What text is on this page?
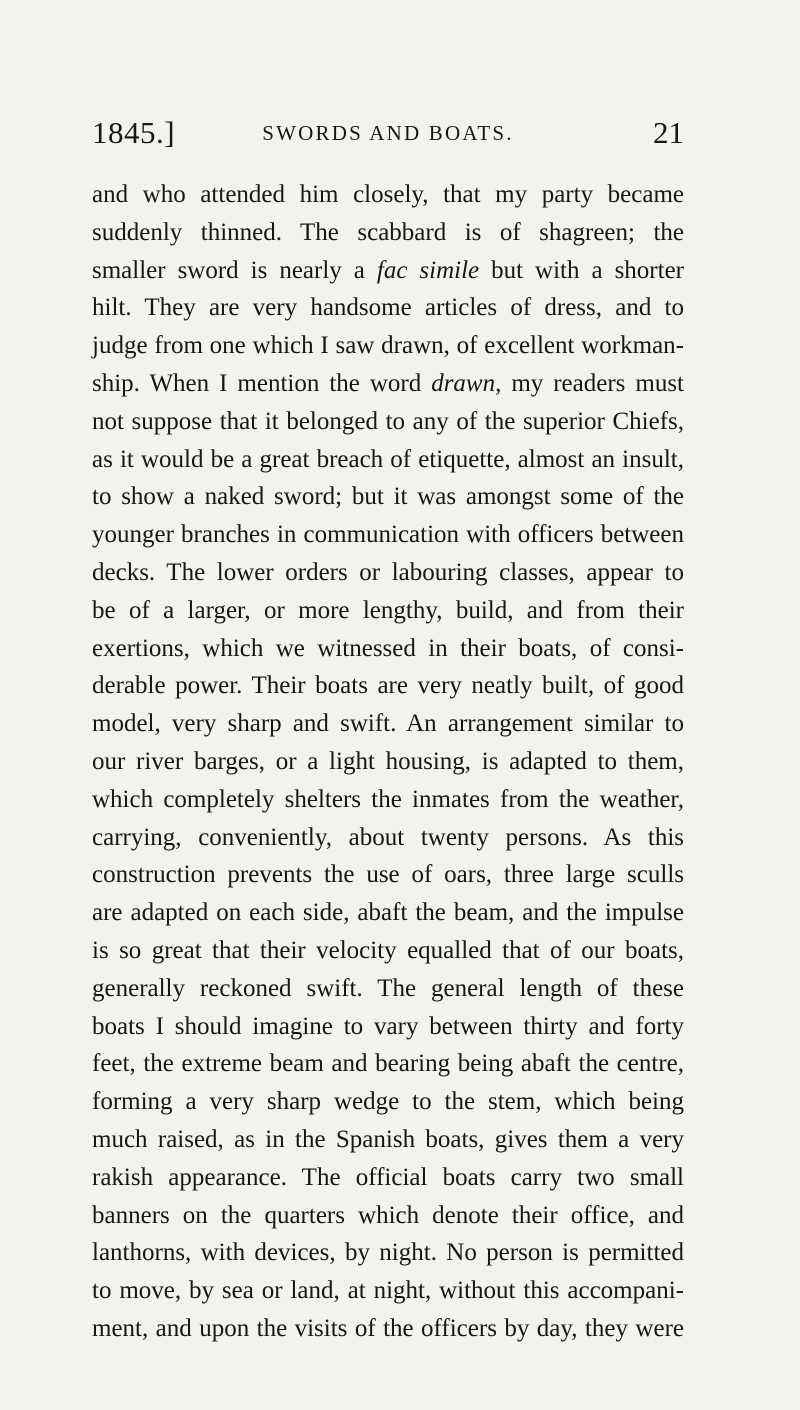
1845.]	SWORDS AND BOATS.	21
and who attended him closely, that my party became
suddenly thinned. The scabbard is of shagreen; the
smaller sword is nearly a fac simile but with a shorter
hilt. They are very handsome articles of dress, and to
judge from one which I saw drawn, of excellent workman-
ship. When I mention the word drawn, my readers must
not suppose that it belonged to any of the superior Chiefs,
as it would be a great breach of etiquette, almost an insult,
to show a naked sword; but it was amongst some of the
younger branches in communication with officers between
decks. The lower orders or labouring classes, appear to
be of a larger, or more lengthy, build, and from their
exertions, which we witnessed in their boats, of consi-
derable power. Their boats are very neatly built, of good
model, very sharp and swift. An arrangement similar to
our river barges, or a light housing, is adapted to them,
which completely shelters the inmates from the weather,
carrying, conveniently, about twenty persons. As this
construction prevents the use of oars, three large sculls
are adapted on each side, abaft the beam, and the impulse
is so great that their velocity equalled that of our boats,
generally reckoned swift. The general length of these
boats I should imagine to vary between thirty and forty
feet, the extreme beam and bearing being abaft the centre,
forming a very sharp wedge to the stem, which being
much raised, as in the Spanish boats, gives them a very
rakish appearance. The official boats carry two small
banners on the quarters which denote their office, and
lanthorns, with devices, by night. No person is permitted
to move, by sea or land, at night, without this accompani-
ment, and upon the visits of the officers by day, they were
